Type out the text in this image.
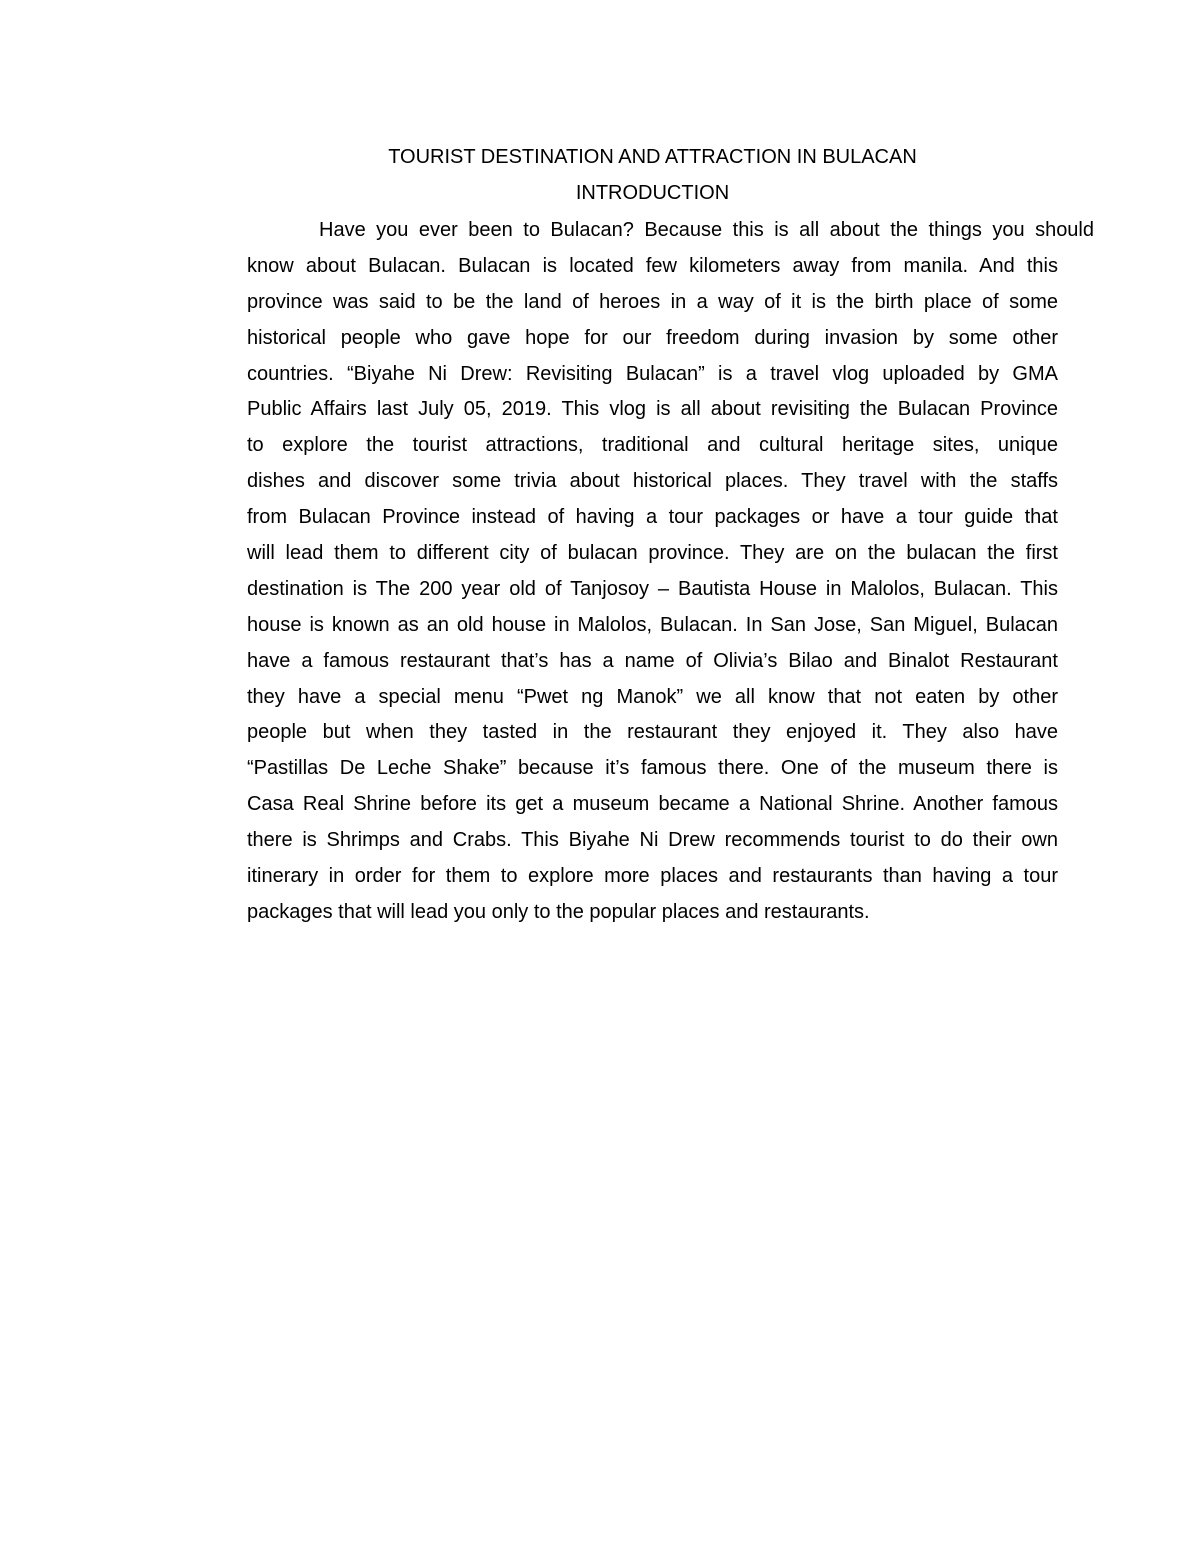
TOURIST DESTINATION AND ATTRACTION IN BULACAN
INTRODUCTION
Have you ever been to Bulacan? Because this is all about the things you should
know about Bulacan. Bulacan is located few kilometers away from manila. And this
province was said to be the land of heroes in a way of it is the birth place of some
historical people who gave hope for our freedom during invasion by some other
countries. “Biyahe Ni Drew: Revisiting Bulacan” is a travel vlog uploaded by GMA
Public Affairs last July 05, 2019. This vlog is all about revisiting the Bulacan Province
to explore the tourist attractions, traditional and cultural heritage sites, unique
dishes and discover some trivia about historical places. They travel with the staffs
from Bulacan Province instead of having a tour packages or have a tour guide that
will lead them to different city of bulacan province. They are on the bulacan the first
destination is The 200 year old of Tanjosoy – Bautista House in Malolos, Bulacan. This
house is known as an old house in Malolos, Bulacan. In San Jose, San Miguel, Bulacan
have a famous restaurant that’s has a name of Olivia’s Bilao and Binalot Restaurant
they have a special menu “Pwet ng Manok” we all know that not eaten by other
people but when they tasted in the restaurant they enjoyed it. They also have
“Pastillas De Leche Shake” because it’s famous there. One of the museum there is
Casa Real Shrine before its get a museum became a National Shrine. Another famous
there is Shrimps and Crabs. This Biyahe Ni Drew recommends tourist to do their own
itinerary in order for them to explore more places and restaurants than having a tour
packages that will lead you only to the popular places and restaurants.
